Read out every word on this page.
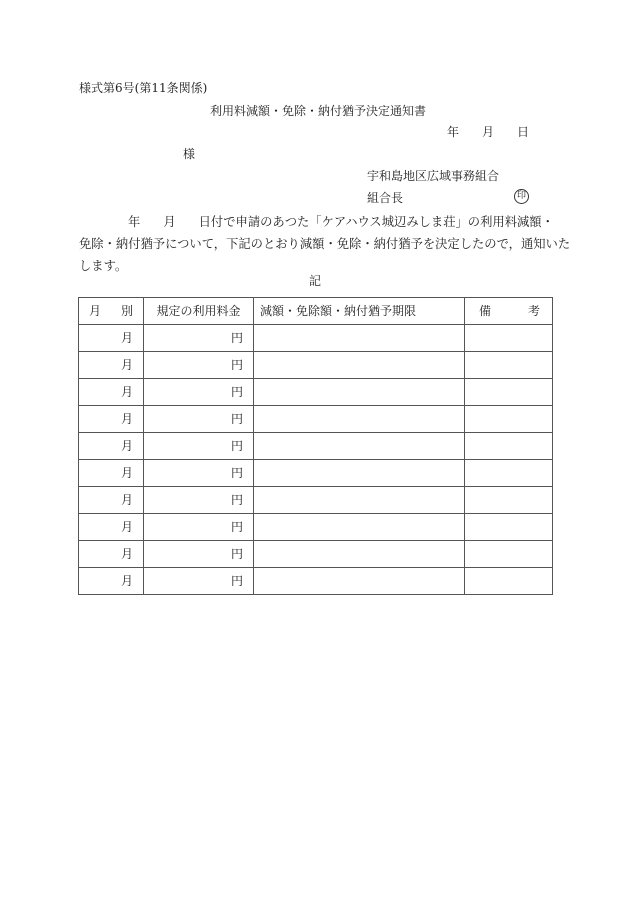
様式第6号(第11条関係)
利用料減額・免除・納付猶予決定通知書
年 月 日
様
宇和島地区広域事務組合
組合長	印
年 月 日付で申請のあつた「ケアハウス城辺みしま荘」の利用料減額・
免除・納付猶予について，下記のとおり減額・免除・納付猶予を決定したので，通知いた
します。
記
月 別	規定の利用料金	減額・免除額・納付猶予期限	備 考

月	円		
月	円		
月	円		
月	円		
月	円		
月	円		
月	円		
月	円		
月	円		
月	円		
